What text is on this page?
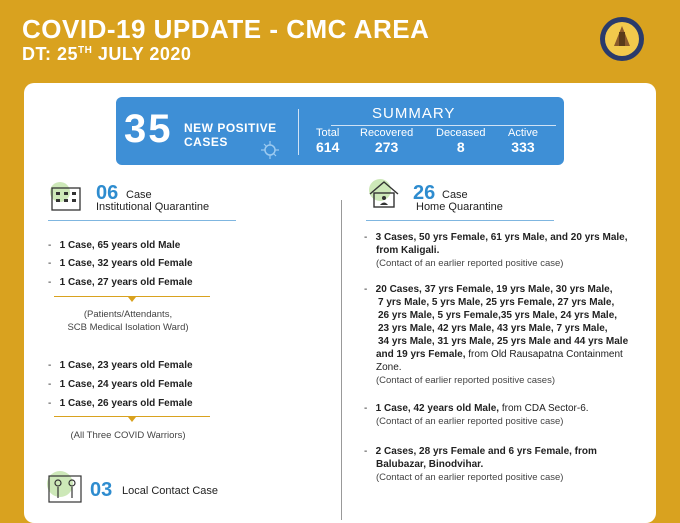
COVID-19 UPDATE - CMC AREA
DT: 25TH JULY 2020
35 NEW POSITIVE
CASES
SUMMARY
Total
614
Recovered
273
Deceased
8
Active
333
06 Case
Institutional Quarantine
-   1 Case, 65 years old Male
-   1 Case, 32 years old Female
-   1 Case, 27 years old Female
(Patients/Attendants,
SCB Medical Isolation Ward)
-   1 Case, 23 years old Female
-   1 Case, 24 years old Female
-   1 Case, 26 years old Female
(All Three COVID Warriors)
03 Local Contact Case
26 Case
Home Quarantine
-   3 Cases, 50 yrs Female, 61 yrs Male, and 20 yrs Male,
from Kaligali.
(Contact of an earlier reported positive case)
-   20 Cases, 37 yrs Female, 19 yrs Male, 30 yrs Male,
7 yrs Male, 5 yrs Male, 25 yrs Female, 27 yrs Male,
26 yrs Male, 5 yrs Female,35 yrs Male, 24 yrs Male,
23 yrs Male, 42 yrs Male, 43 yrs Male, 7 yrs Male,
34 yrs Male, 31 yrs Male, 25 yrs Male and 44 yrs Male
and 19 yrs Female, from Old Rausapatna Containment
Zone.
(Contact of earlier reported positive cases)
-   1 Case, 42 years old Male, from CDA Sector-6.
(Contact of an earlier reported positive case)
-   2 Cases, 28 yrs Female and 6 yrs Female, from
Balubazar, Binodvihar.
(Contact of an earlier reported positive case)
